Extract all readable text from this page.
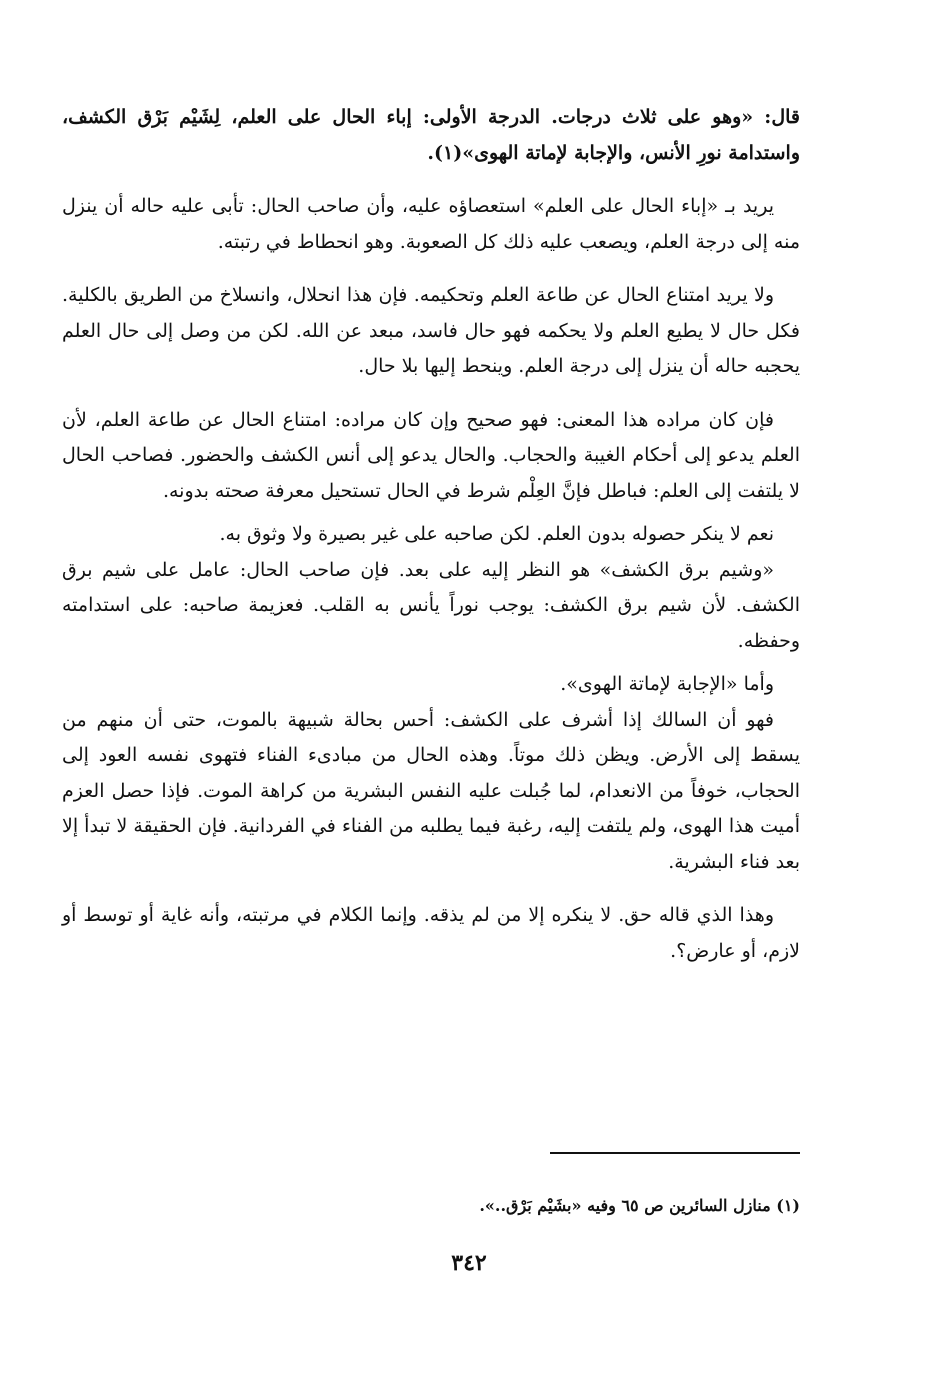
قال: «وهو على ثلاث درجات. الدرجة الأولى: إباء الحال على العلم، لِشَيْم بَرْق الكشف، واستدامة نورِ الأنس، والإجابة لإماتة الهوى»(١).

يريد بـ «إباء الحال على العلم» استعصاؤه عليه، وأن صاحب الحال: تأبى عليه حاله أن ينزل منه إلى درجة العلم، ويصعب عليه ذلك كل الصعوبة. وهو انحطاط في رتبته.

ولا يريد امتناع الحال عن طاعة العلم وتحكيمه. فإن هذا انحلال، وانسلاخ من الطريق بالكلية. فكل حال لا يطيع العلم ولا يحكمه فهو حال فاسد، مبعد عن الله. لكن من وصل إلى حال العلم يحجبه حاله أن ينزل إلى درجة العلم. وينحط إليها بلا حال.

فإن كان مراده هذا المعنى: فهو صحيح وإن كان مراده: امتناع الحال عن طاعة العلم، لأن العلم يدعو إلى أحكام الغيبة والحجاب. والحال يدعو إلى أنس الكشف والحضور. فصاحب الحال لا يلتفت إلى العلم: فباطل فإنَّ العِلْم شرط في الحال تستحيل معرفة صحته بدونه.

نعم لا ينكر حصوله بدون العلم. لكن صاحبه على غير بصيرة ولا وثوق به.

«وشيم برق الكشف» هو النظر إليه على بعد. فإن صاحب الحال: عامل على شيم برق الكشف. لأن شيم برق الكشف: يوجب نوراً يأنس به القلب. فعزيمة صاحبه: على استدامته وحفظه.

وأما «الإجابة لإماتة الهوى».

فهو أن السالك إذا أشرف على الكشف: أحس بحالة شبيهة بالموت، حتى أن منهم من يسقط إلى الأرض. ويظن ذلك موتاً. وهذه الحال من مبادىء الفناء فتهوى نفسه العود إلى الحجاب، خوفاً من الانعدام، لما جُبلت عليه النفس البشرية من كراهة الموت. فإذا حصل العزم أميت هذا الهوى، ولم يلتفت إليه، رغبة فيما يطلبه من الفناء في الفردانية. فإن الحقيقة لا تبدأ إلا بعد فناء البشرية.

وهذا الذي قاله حق. لا ينكره إلا من لم يذقه. وإنما الكلام في مرتبته، وأنه غاية أو توسط أو لازم، أو عارض؟.

(١) منازل السائرين ص ٦٥ وفيه «بشَيْم بَرْق..».
٣٤٢
